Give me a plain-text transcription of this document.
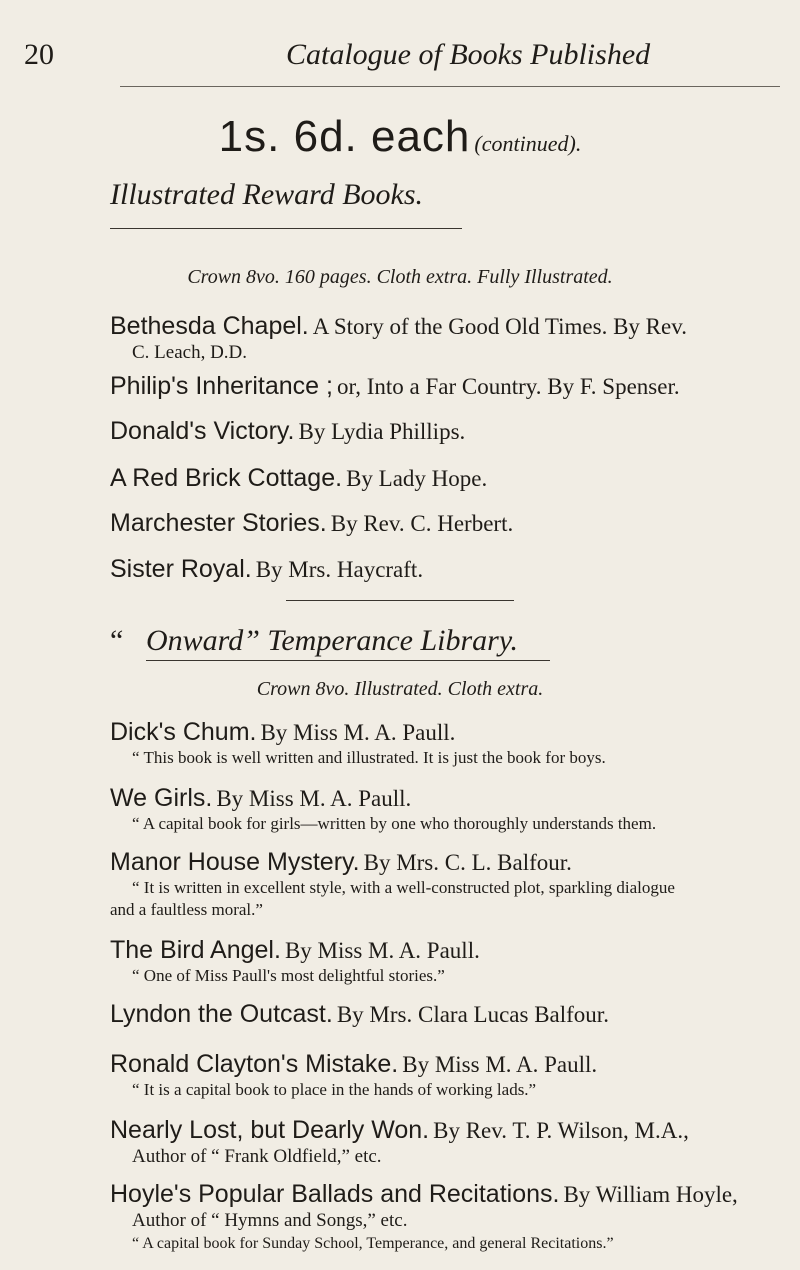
20	Catalogue of Books Published
1s. 6d. each (continued).
Illustrated Reward Books.
Crown 8vo. 160 pages. Cloth extra. Fully Illustrated.
Bethesda Chapel. A Story of the Good Old Times. By Rev.
C. Leach, D.D.
Philip's Inheritance ; or, Into a Far Country. By F. Spenser.
Donald's Victory. By Lydia Phillips.
A Red Brick Cottage. By Lady Hope.
Marchester Stories. By Rev. C. Herbert.
Sister Royal. By Mrs. Haycraft.
Onward” Temperance Library.
“
Crown 8vo. Illustrated. Cloth extra.
Dick's Chum. By Miss M. A. Paull.
“ This book is well written and illustrated. It is just the book for boys.
We Girls. By Miss M. A. Paull.
“ A capital book for girls—written by one who thoroughly understands them.
Manor House Mystery. By Mrs. C. L. Balfour.
“ It is written in excellent style, with a well-constructed plot, sparkling dialogue
and a faultless moral.”
The Bird Angel. By Miss M. A. Paull.
“ One of Miss Paull's most delightful stories.”
Lyndon the Outcast. By Mrs. Clara Lucas Balfour.
Ronald Clayton's Mistake. By Miss M. A. Paull.
“ It is a capital book to place in the hands of working lads.”
Nearly Lost, but Dearly Won. By Rev. T. P. Wilson, M.A.,
Author of “ Frank Oldfield,” etc.
Hoyle's Popular Ballads and Recitations. By William Hoyle,
Author of “ Hymns and Songs,” etc.
“ A capital book for Sunday School, Temperance, and general Recitations.”
